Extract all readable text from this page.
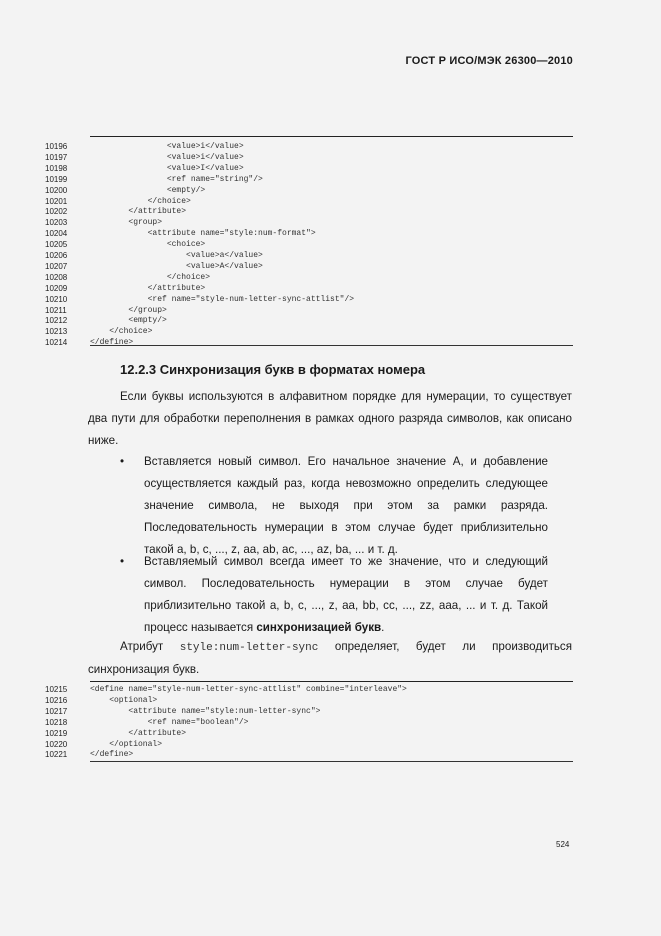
ГОСТ Р ИСО/МЭК 26300—2010
10196	<value>i</value>
10197	<value>i</value>
10198	<value>I</value>
10199	<ref name="string"/>
10200	<empty/>
10201	</choice>
10202	</attribute>
10203	<group>
10204	<attribute name="style:num-format">
10205	<choice>
10206	<value>a</value>
10207	<value>A</value>
10208	</choice>
10209	</attribute>
10210	<ref name="style-num-letter-sync-attlist"/>
10211	</group>
10212	<empty/>
10213	</choice>
10214	</define>
12.2.3 Синхронизация букв в форматах номера
Если буквы используются в алфавитном порядке для нумерации, то существует два пути для обработки переполнения в рамках одного разряда символов, как описано ниже.
• Вставляется новый символ. Его начальное значение A, и добавление осуществляется каждый раз, когда невозможно определить следующее значение символа, не выходя при этом за рамки разряда. Последовательность нумерации в этом случае будет приблизительно такой a, b, c, ..., z, aa, ab, ac, ..., az, ba, ... и т. д.
• Вставляемый символ всегда имеет то же значение, что и следующий символ. Последовательность нумерации в этом случае будет приблизительно такой a, b, c, ..., z, aa, bb, cc, ..., zz, aaa, ... и т. д. Такой процесс называется синхронизацией букв.
Атрибут style:num-letter-sync определяет, будет ли производиться синхронизация букв.
10215	<define name="style-num-letter-sync-attlist" combine="interleave">
10216	<optional>
10217	<attribute name="style:num-letter-sync">
10218	<ref name="boolean"/>
10219	</attribute>
10220	</optional>
10221	</define>
524
